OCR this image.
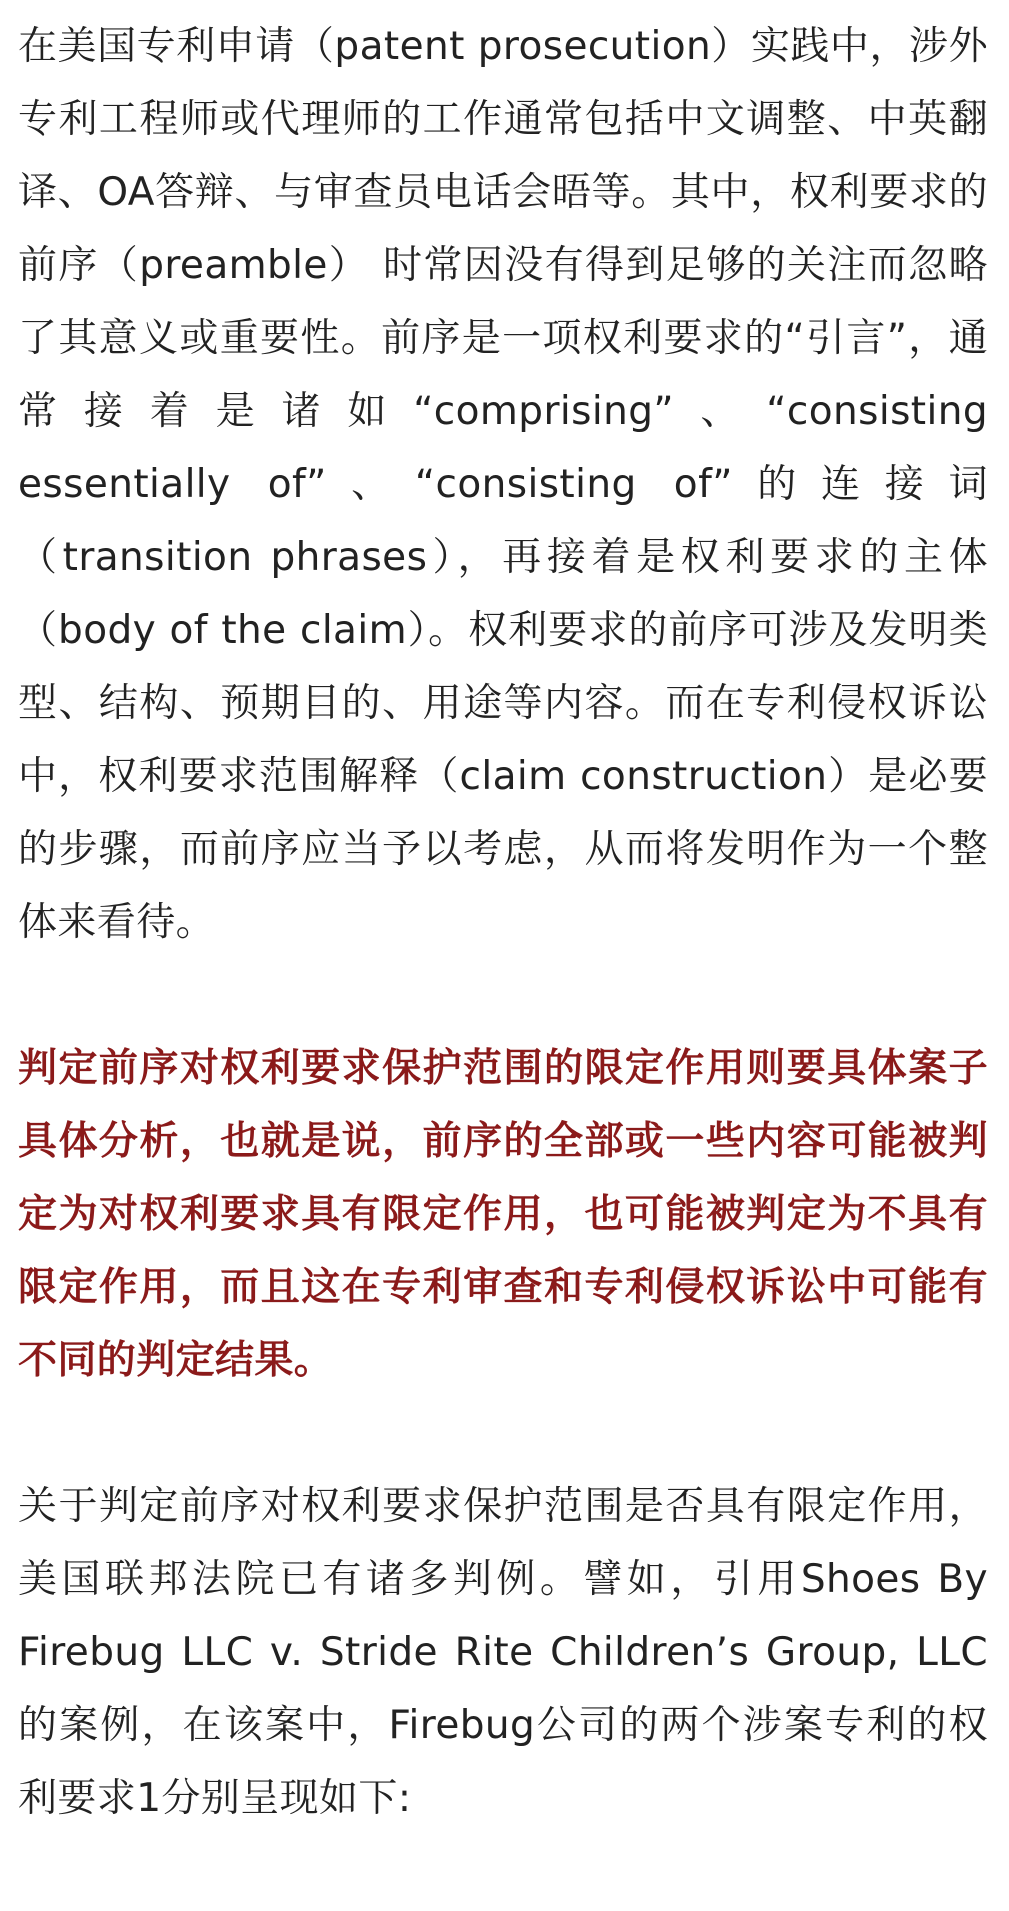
在美国专利申请（patent prosecution）实践中，涉外专利工程师或代理师的工作通常包括中文调整、中英翻译、OA答辩、与审查员电话会晤等。其中，权利要求的前序（preamble） 时常因没有得到足够的关注而忽略了其意义或重要性。前序是一项权利要求的“引言”，通常接着是诸如“comprising”、“consisting essentially of”、“consisting of”的连接词（transition phrases），再接着是权利要求的主体（body of the claim）。权利要求的前序可涉及发明类型、结构、预期目的、用途等内容。而在专利侵权诉讼中，权利要求范围解释（claim construction）是必要的步骤，而前序应当予以考虑，从而将发明作为一个整体来看待。

判定前序对权利要求保护范围的限定作用则要具体案子具体分析，也就是说，前序的全部或一些内容可能被判定为对权利要求具有限定作用，也可能被判定为不具有限定作用，而且这在专利审查和专利侵权诉讼中可能有不同的判定结果。

关于判定前序对权利要求保护范围是否具有限定作用，美国联邦法院已有诸多判例。譬如，引用Shoes By Firebug LLC v. Stride Rite Children’s Group, LLC的案例，在该案中，Firebug公司的两个涉案专利的权利要求1分别呈现如下:
